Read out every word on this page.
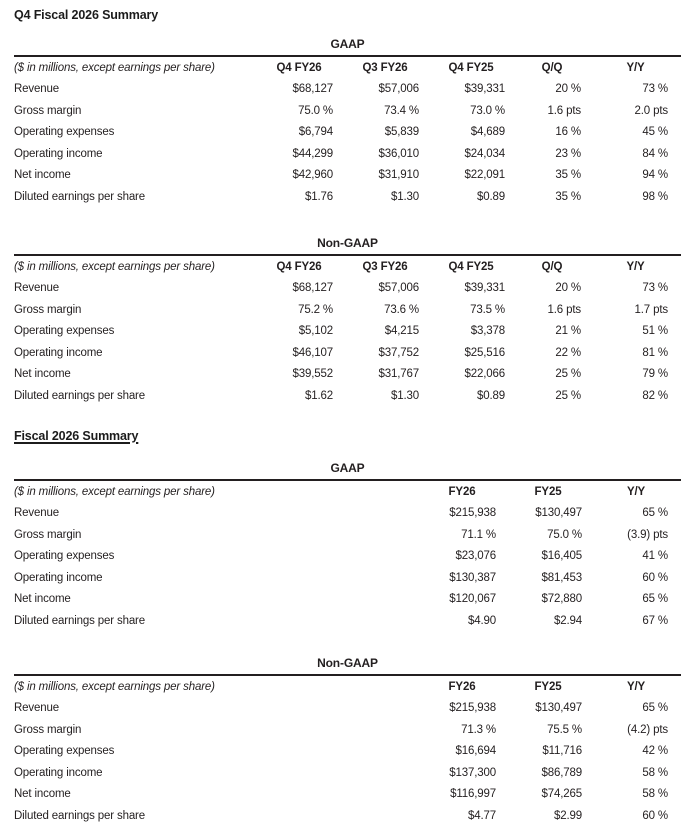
Q4 Fiscal 2026 Summary
GAAP
($ in millions, except earnings per share)	Q4 FY26	Q3 FY26	Q4 FY25	Q/Q	Y/Y
Revenue	$68,127	$57,006	$39,331	20 %	73 %
Gross margin	75.0 %	73.4 %	73.0 %	1.6 pts	2.0 pts
Operating expenses	$6,794	$5,839	$4,689	16 %	45 %
Operating income	$44,299	$36,010	$24,034	23 %	84 %
Net income	$42,960	$31,910	$22,091	35 %	94 %
Diluted earnings per share	$1.76	$1.30	$0.89	35 %	98 %
Non-GAAP
($ in millions, except earnings per share)	Q4 FY26	Q3 FY26	Q4 FY25	Q/Q	Y/Y
Revenue	$68,127	$57,006	$39,331	20 %	73 %
Gross margin	75.2 %	73.6 %	73.5 %	1.6 pts	1.7 pts
Operating expenses	$5,102	$4,215	$3,378	21 %	51 %
Operating income	$46,107	$37,752	$25,516	22 %	81 %
Net income	$39,552	$31,767	$22,066	25 %	79 %
Diluted earnings per share	$1.62	$1.30	$0.89	25 %	82 %
Fiscal 2026 Summary
GAAP
($ in millions, except earnings per share)	FY26	FY25	Y/Y
Revenue	$215,938	$130,497	65 %
Gross margin	71.1 %	75.0 %	(3.9) pts
Operating expenses	$23,076	$16,405	41 %
Operating income	$130,387	$81,453	60 %
Net income	$120,067	$72,880	65 %
Diluted earnings per share	$4.90	$2.94	67 %
Non-GAAP
($ in millions, except earnings per share)	FY26	FY25	Y/Y
Revenue	$215,938	$130,497	65 %
Gross margin	71.3 %	75.5 %	(4.2) pts
Operating expenses	$16,694	$11,716	42 %
Operating income	$137,300	$86,789	58 %
Net income	$116,997	$74,265	58 %
Diluted earnings per share	$4.77	$2.99	60 %
